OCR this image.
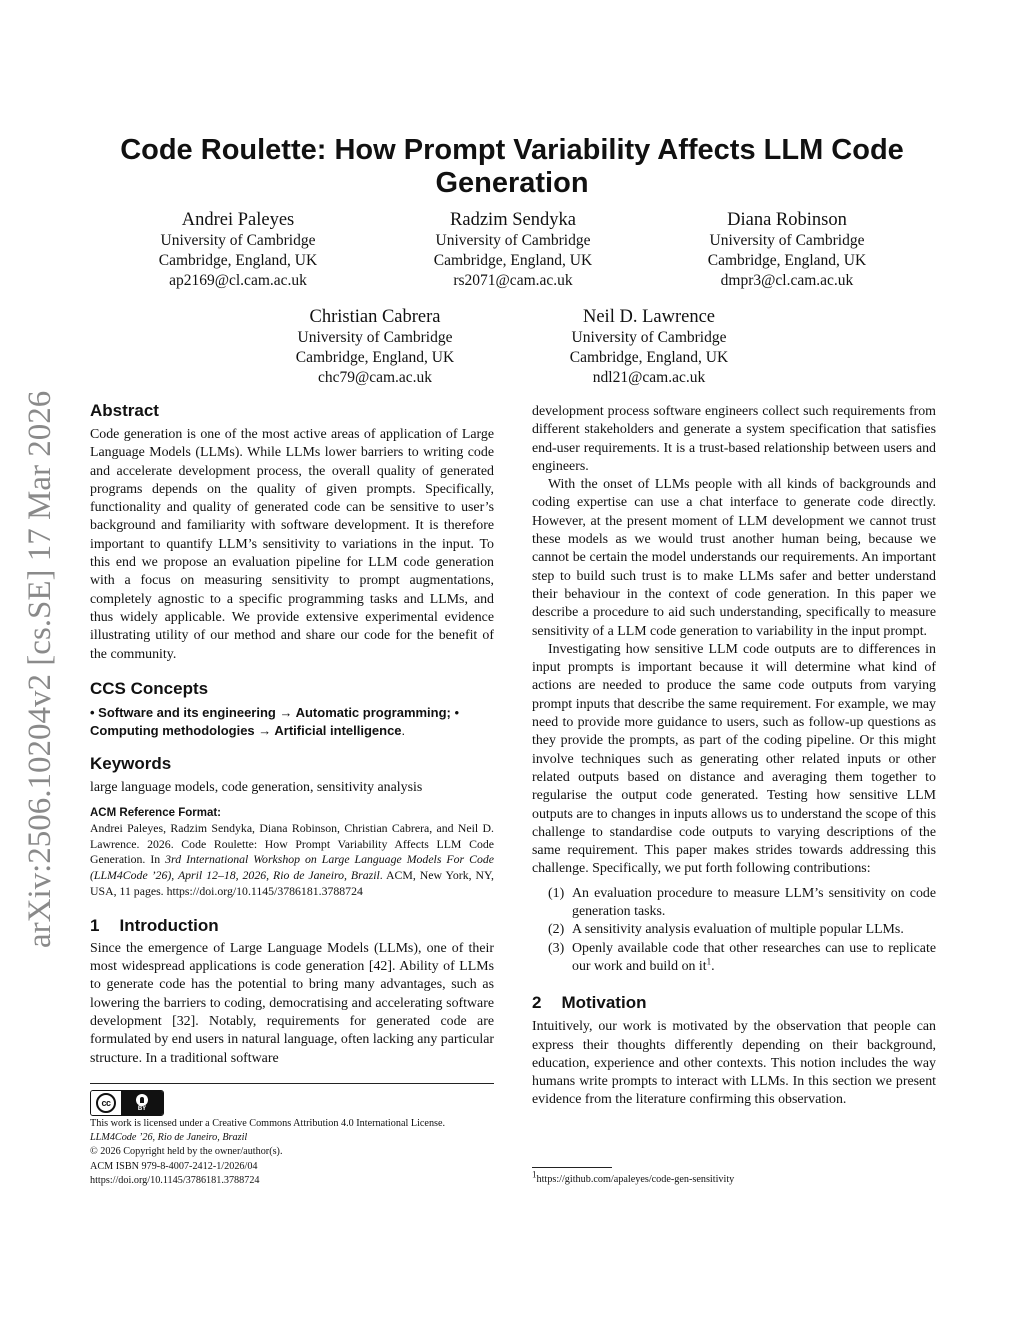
arXiv:2506.10204v2 [cs.SE] 17 Mar 2026
Code Roulette: How Prompt Variability Affects LLM Code Generation
Andrei Paleyes
University of Cambridge
Cambridge, England, UK
ap2169@cl.cam.ac.uk
Radzim Sendyka
University of Cambridge
Cambridge, England, UK
rs2071@cam.ac.uk
Diana Robinson
University of Cambridge
Cambridge, England, UK
dmpr3@cl.cam.ac.uk
Christian Cabrera
University of Cambridge
Cambridge, England, UK
chc79@cam.ac.uk
Neil D. Lawrence
University of Cambridge
Cambridge, England, UK
ndl21@cam.ac.uk
Abstract

Code generation is one of the most active areas of application of Large Language Models (LLMs). While LLMs lower barriers to writing code and accelerate development process, the overall quality of generated programs depends on the quality of given prompts. Specifically, functionality and quality of generated code can be sensitive to user’s background and familiarity with software development. It is therefore important to quantify LLM’s sensitivity to variations in the input. To this end we propose an evaluation pipeline for LLM code generation with a focus on measuring sensitivity to prompt augmentations, completely agnostic to a specific programming tasks and LLMs, and thus widely applicable. We provide extensive experimental evidence illustrating utility of our method and share our code for the benefit of the community.

CCS Concepts

• Software and its engineering → Automatic programming; • Computing methodologies → Artificial intelligence.

Keywords

large language models, code generation, sensitivity analysis

ACM Reference Format:

Andrei Paleyes, Radzim Sendyka, Diana Robinson, Christian Cabrera, and Neil D. Lawrence. 2026. Code Roulette: How Prompt Variability Affects LLM Code Generation. In 3rd International Workshop on Large Language Models For Code (LLM4Code ’26), April 12–18, 2026, Rio de Janeiro, Brazil. ACM, New York, NY, USA, 11 pages. https://doi.org/10.1145/3786181.3788724

1 Introduction

Since the emergence of Large Language Models (LLMs), one of their most widespread applications is code generation [42]. Ability of LLMs to generate code has the potential to bring many advantages, such as lowering the barriers to coding, democratising and accelerating software development [32]. Notably, requirements for generated code are formulated by end users in natural language, often lacking any particular structure. In a traditional software

cc
BY
This work is licensed under a Creative Commons Attribution 4.0 International License.
LLM4Code ’26, Rio de Janeiro, Brazil
© 2026 Copyright held by the owner/author(s).
ACM ISBN 979-8-4007-2412-1/2026/04
https://doi.org/10.1145/3786181.3788724

development process software engineers collect such requirements from different stakeholders and generate a system specification that satisfies end-user requirements. It is a trust-based relationship between users and engineers.

With the onset of LLMs people with all kinds of backgrounds and coding expertise can use a chat interface to generate code directly. However, at the present moment of LLM development we cannot trust these models as we would trust another human being, because we cannot be certain the model understands our requirements. An important step to build such trust is to make LLMs safer and better understand their behaviour in the context of code generation. In this paper we describe a procedure to aid such understanding, specifically to measure sensitivity of a LLM code generation to variability in the input prompt.

Investigating how sensitive LLM code outputs are to differences in input prompts is important because it will determine what kind of actions are needed to produce the same code outputs from varying prompt inputs that describe the same requirement. For example, we may need to provide more guidance to users, such as follow-up questions as they provide the prompts, as part of the coding pipeline. Or this might involve techniques such as generating other related inputs or other related outputs based on distance and averaging them together to regularise the output code generated. Testing how sensitive LLM outputs are to changes in inputs allows us to understand the scope of this challenge to standardise code outputs to varying descriptions of the same requirement. This paper makes strides towards addressing this challenge. Specifically, we put forth following contributions:

(1) An evaluation procedure to measure LLM’s sensitivity on code generation tasks.
(2) A sensitivity analysis evaluation of multiple popular LLMs.
(3) Openly available code that other researches can use to replicate our work and build on $it^1$.
2 Motivation

Intuitively, our work is motivated by the observation that people can express their thoughts differently depending on their background, education, experience and other contexts. This notion includes the way humans write prompts to interact with LLMs. In this section we present evidence from the literature confirming this observation.

$^1$https://github.com/apaleyes/code-gen-sensitivity
